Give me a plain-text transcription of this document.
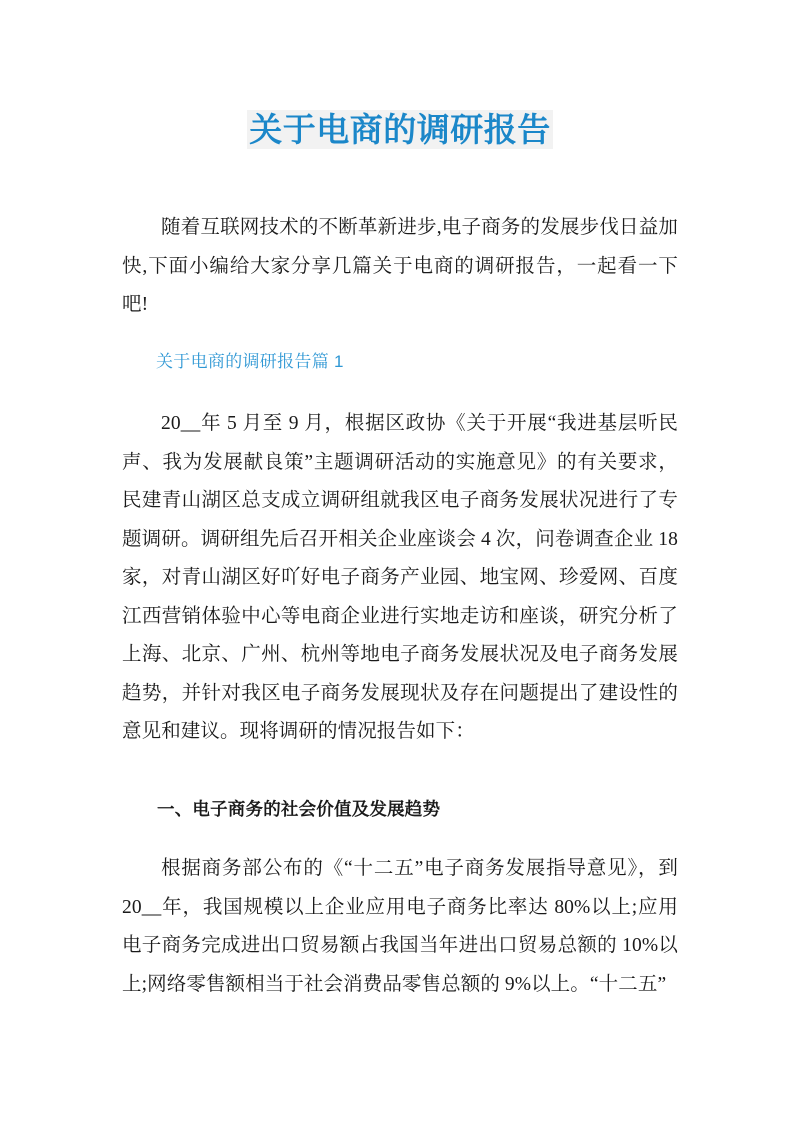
关于电商的调研报告

随着互联网技术的不断革新进步,电子商务的发展步伐日益加快,下面小编给大家分享几篇关于电商的调研报告，一起看一下吧!

关于电商的调研报告篇 1

20__年 5 月至 9 月，根据区政协《关于开展“我进基层听民声、我为发展献良策”主题调研活动的实施意见》的有关要求，民建青山湖区总支成立调研组就我区电子商务发展状况进行了专题调研。调研组先后召开相关企业座谈会 4 次，问卷调查企业 18 家，对青山湖区好吖好电子商务产业园、地宝网、珍爱网、百度江西营销体验中心等电商企业进行实地走访和座谈，研究分析了上海、北京、广州、杭州等地电子商务发展状况及电子商务发展趋势，并针对我区电子商务发展现状及存在问题提出了建设性的意见和建议。现将调研的情况报告如下：

一、电子商务的社会价值及发展趋势

根据商务部公布的《“十二五”电子商务发展指导意见》，到 20__年，我国规模以上企业应用电子商务比率达 80%以上;应用电子商务完成进出口贸易额占我国当年进出口贸易总额的 10%以上;网络零售额相当于社会消费品零售总额的 9%以上。“十二五”
